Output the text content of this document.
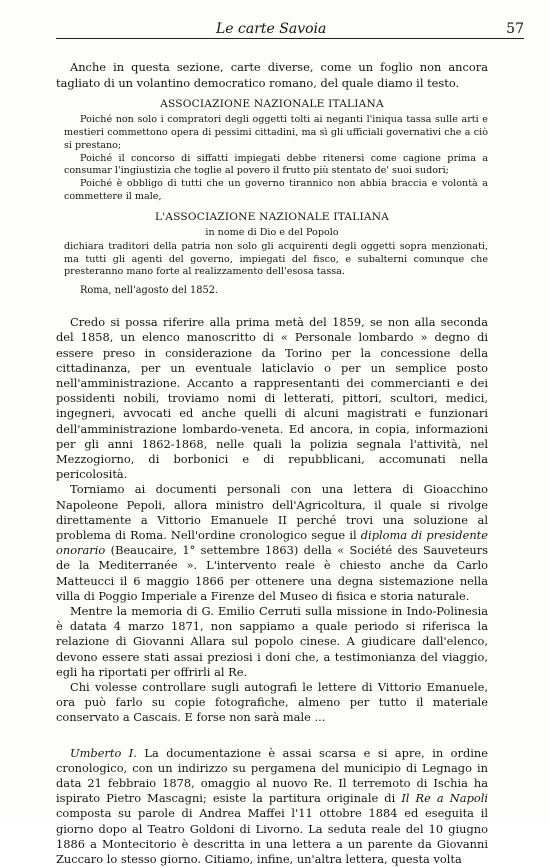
Le carte Savoia	57

Anche in questa sezione, carte diverse, come un foglio non ancora tagliato di un volantino democratico romano, del quale diamo il testo.

ASSOCIAZIONE NAZIONALE ITALIANA

Poiché non solo i compratori degli oggetti tolti ai neganti l'iniqua tassa sulle arti e mestieri commettono opera di pessimi cittadini, ma sì gli ufficiali governativi che a ciò si prestano;

Poiché il concorso di siffatti impiegati debbe ritenersi come cagione prima a consumar l'ingiustizia che toglie al povero il frutto più stentato de' suoi sudori;

Poiché è obbligo di tutti che un governo tirannico non abbia braccia e volontà a commettere il male,

L'ASSOCIAZIONE NAZIONALE ITALIANA
in nome di Dio e del Popolo

dichiara traditori della patria non solo gli acquirenti degli oggetti sopra menzionati, ma tutti gli agenti del governo, impiegati del fisco, e subalterni comunque che presteranno mano forte al realizzamento dell'esosa tassa.

Roma, nell'agosto del 1852.

Credo si possa riferire alla prima metà del 1859, se non alla seconda del 1858, un elenco manoscritto di « Personale lombardo » degno di essere preso in considerazione da Torino per la concessione della cittadinanza, per un eventuale laticlavio o per un semplice posto nell'amministrazione. Accanto a rappresentanti dei commercianti e dei possidenti nobili, troviamo nomi di letterati, pittori, scultori, medici, ingegneri, avvocati ed anche quelli di alcuni magistrati e funzionari dell'amministrazione lombardo-veneta. Ed ancora, in copia, informazioni per gli anni 1862-1868, nelle quali la polizia segnala l'attività, nel Mezzogiorno, di borbonici e di repubblicani, accomunati nella pericolosità.

Torniamo ai documenti personali con una lettera di Gioacchino Napoleone Pepoli, allora ministro dell'Agricoltura, il quale si rivolge direttamente a Vittorio Emanuele II perché trovi una soluzione al problema di Roma. Nell'ordine cronologico segue il diploma di presidente onorario (Beaucaire, 1° settembre 1863) della « Société des Sauveteurs de la Mediterranée ». L'intervento reale è chiesto anche da Carlo Matteucci il 6 maggio 1866 per ottenere una degna sistemazione nella villa di Poggio Imperiale a Firenze del Museo di fisica e storia naturale.

Mentre la memoria di G. Emilio Cerruti sulla missione in Indo-Polinesia è datata 4 marzo 1871, non sappiamo a quale periodo si riferisca la relazione di Giovanni Allara sul popolo cinese. A giudicare dall'elenco, devono essere stati assai preziosi i doni che, a testimonianza del viaggio, egli ha riportati per offrirli al Re.

Chi volesse controllare sugli autografi le lettere di Vittorio Emanuele, ora può farlo su copie fotografiche, almeno per tutto il materiale conservato a Cascais. E forse non sarà male ...

Umberto I. La documentazione è assai scarsa e si apre, in ordine cronologico, con un indirizzo su pergamena del municipio di Legnago in data 21 febbraio 1878, omaggio al nuovo Re. Il terremoto di Ischia ha ispirato Pietro Mascagni; esiste la partitura originale di Il Re a Napoli composta su parole di Andrea Maffei l'11 ottobre 1884 ed eseguita il giorno dopo al Teatro Goldoni di Livorno. La seduta reale del 10 giugno 1886 a Montecitorio è descritta in una lettera a un parente da Giovanni Zuccaro lo stesso giorno. Citiamo, infine, un'altra lettera, questa volta
